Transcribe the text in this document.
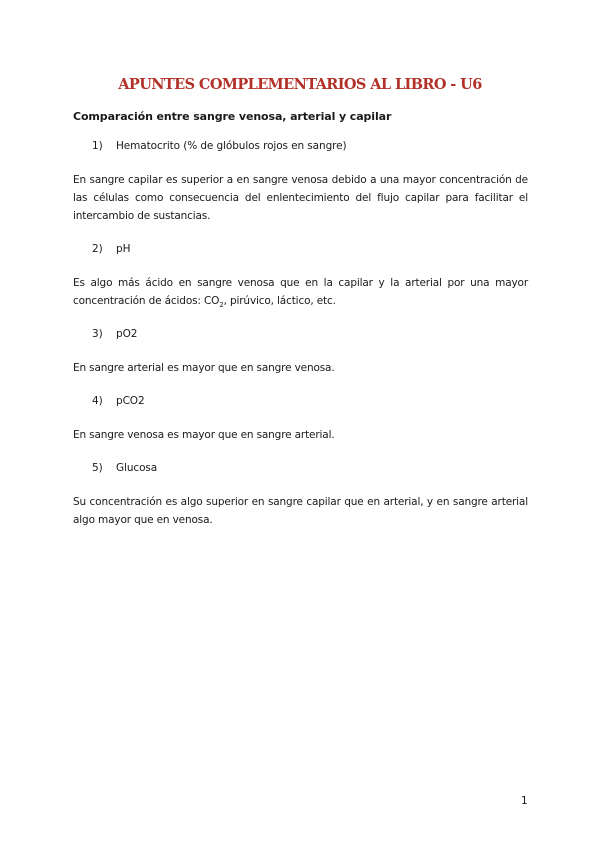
APUNTES COMPLEMENTARIOS AL LIBRO - U6
Comparación entre sangre venosa, arterial y capilar
1) Hematocrito (% de glóbulos rojos en sangre)

En sangre capilar es superior a en sangre venosa debido a una mayor concentración de las células como consecuencia del enlentecimiento del flujo capilar para facilitar el intercambio de sustancias.

2) pH

Es algo más ácido en sangre venosa que en la capilar y la arterial por una mayor concentración de ácidos: $CO_2$, pirúvico, láctico, etc.

3) pO2

En sangre arterial es mayor que en sangre venosa.

4) pCO2

En sangre venosa es mayor que en sangre arterial.

5) Glucosa

Su concentración es algo superior en sangre capilar que en arterial, y en sangre arterial algo mayor que en venosa.

1
